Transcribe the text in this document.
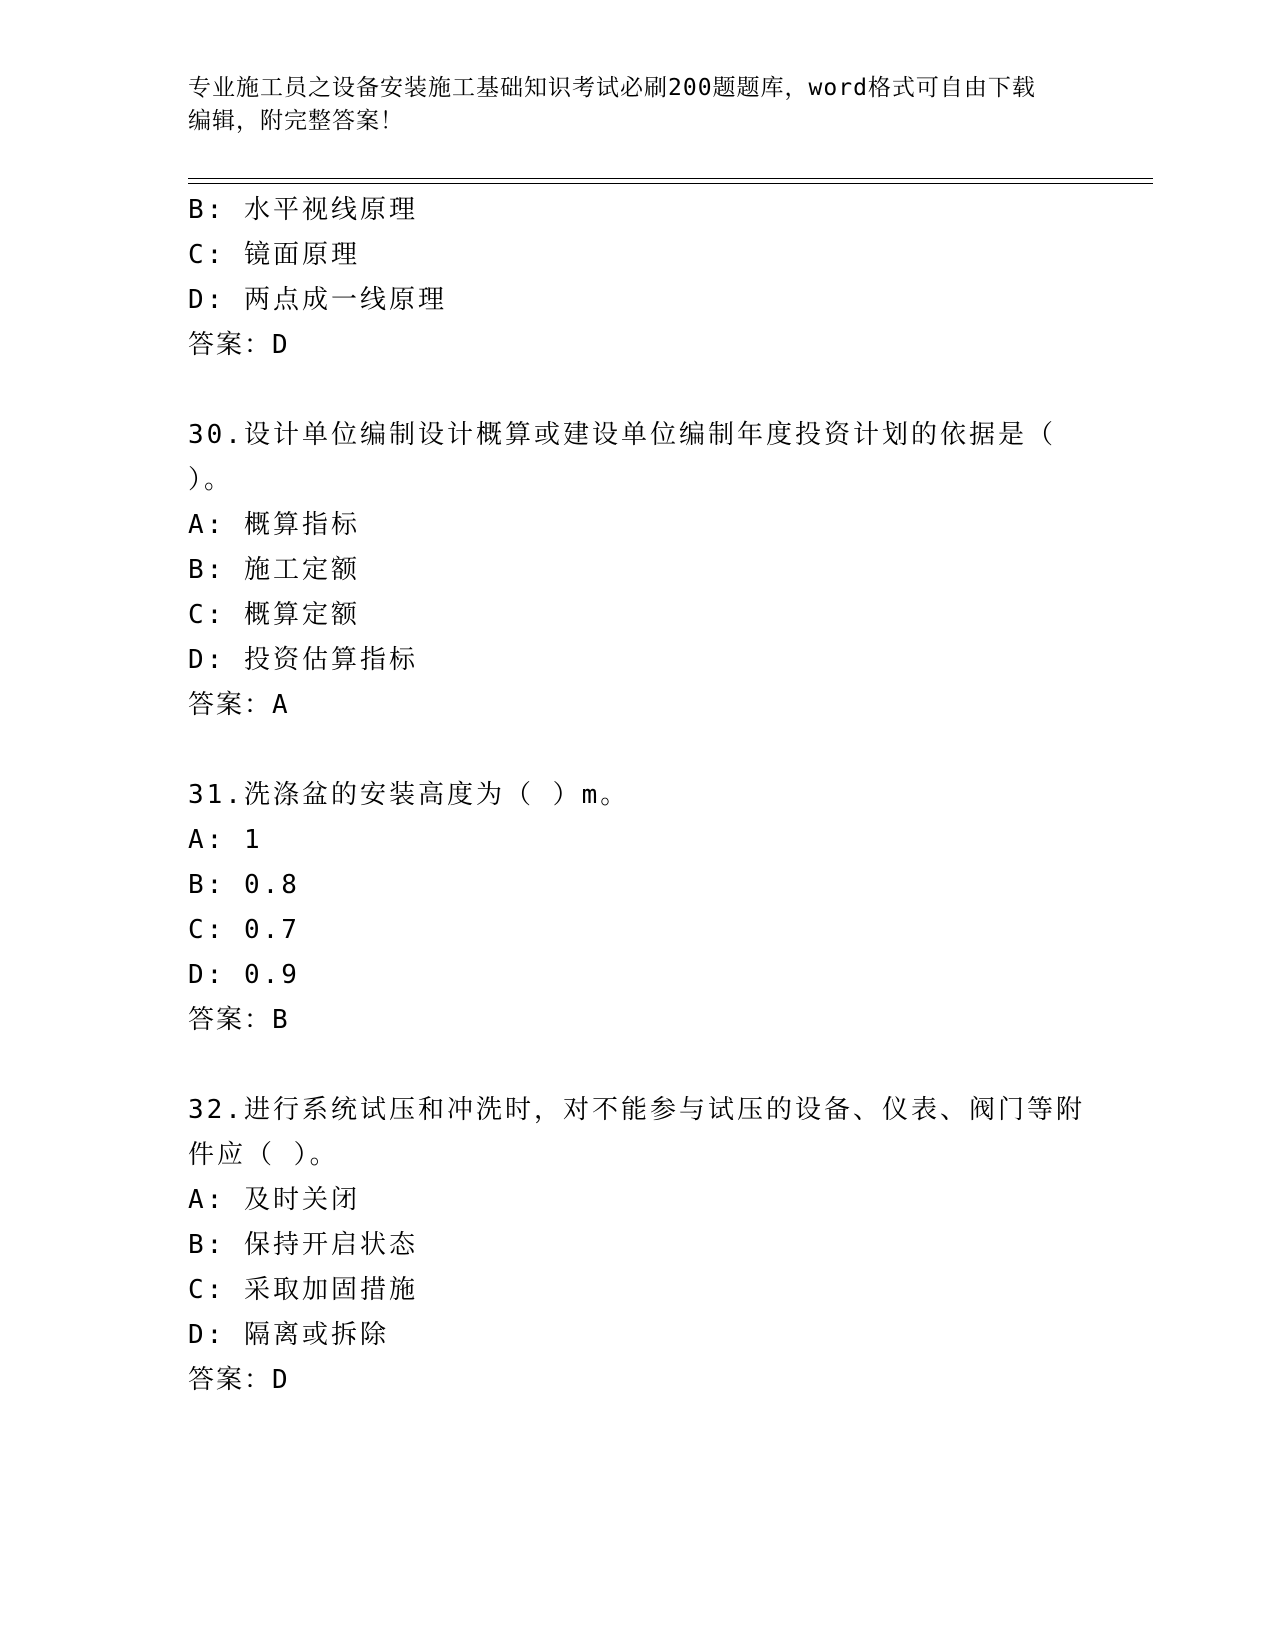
专业施工员之设备安装施工基础知识考试必刷200题题库，word格式可自由下载
编辑，附完整答案！
B: 水平视线原理
C: 镜面原理
D: 两点成一线原理
答案：D
30.设计单位编制设计概算或建设单位编制年度投资计划的依据是（
）。
A: 概算指标
B: 施工定额
C: 概算定额
D: 投资估算指标
答案：A
31.洗涤盆的安装高度为（ ）m。
A: 1
B: 0.8
C: 0.7
D: 0.9
答案：B
32.进行系统试压和冲洗时，对不能参与试压的设备、仪表、阀门等附
件应（ ）。
A: 及时关闭
B: 保持开启状态
C: 采取加固措施
D: 隔离或拆除
答案：D
